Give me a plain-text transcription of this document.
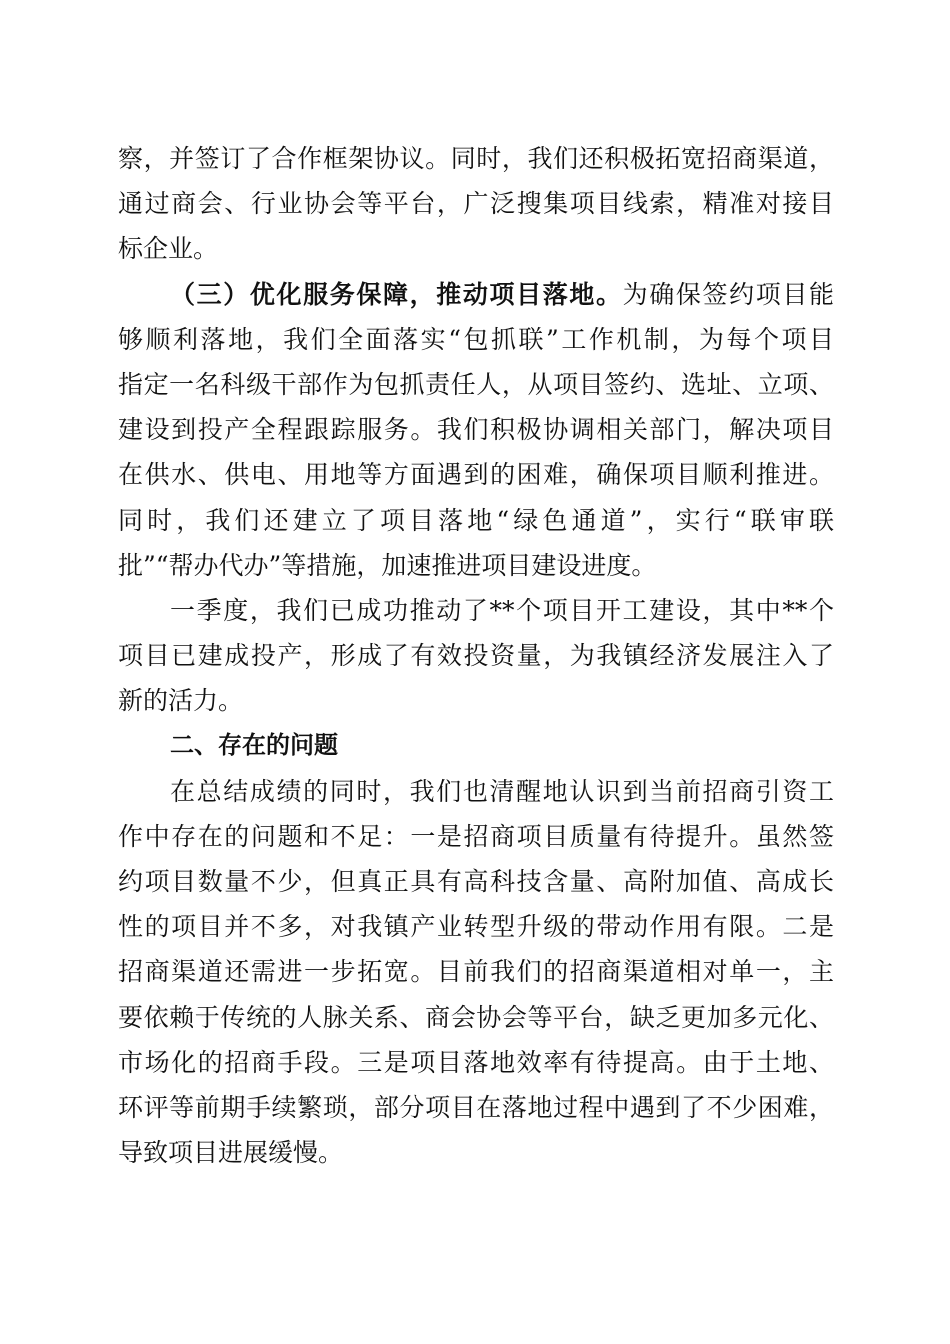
察，并签订了合作框架协议。同时，我们还积极拓宽招商渠道，
通过商会、行业协会等平台，广泛搜集项目线索，精准对接目
标企业。
（三）优化服务保障，推动项目落地。为确保签约项目能
够顺利落地，我们全面落实“包抓联”工作机制，为每个项目
指定一名科级干部作为包抓责任人，从项目签约、选址、立项、
建设到投产全程跟踪服务。我们积极协调相关部门，解决项目
在供水、供电、用地等方面遇到的困难，确保项目顺利推进。
同时，我们还建立了项目落地“绿色通道”，实行“联审联
批”“帮办代办”等措施，加速推进项目建设进度。
一季度，我们已成功推动了**个项目开工建设，其中**个
项目已建成投产，形成了有效投资量，为我镇经济发展注入了
新的活力。
二、存在的问题
在总结成绩的同时，我们也清醒地认识到当前招商引资工
作中存在的问题和不足：一是招商项目质量有待提升。虽然签
约项目数量不少，但真正具有高科技含量、高附加值、高成长
性的项目并不多，对我镇产业转型升级的带动作用有限。二是
招商渠道还需进一步拓宽。目前我们的招商渠道相对单一，主
要依赖于传统的人脉关系、商会协会等平台，缺乏更加多元化、
市场化的招商手段。三是项目落地效率有待提高。由于土地、
环评等前期手续繁琐，部分项目在落地过程中遇到了不少困难，
导致项目进展缓慢。
